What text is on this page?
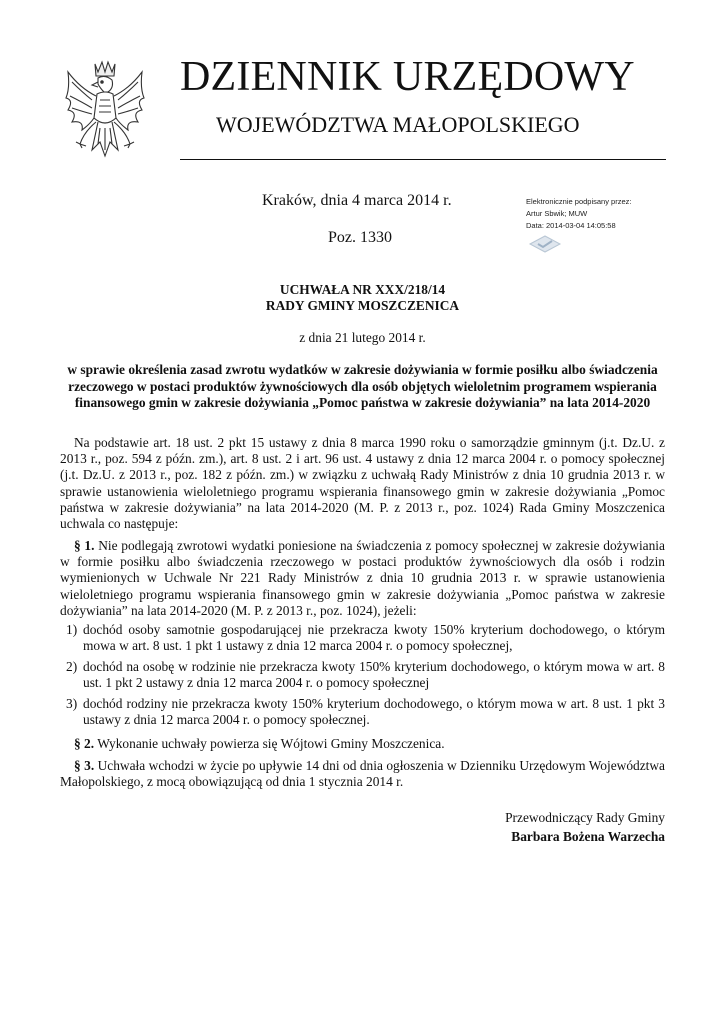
DZIENNIK URZĘDOWY
WOJEWÓDZTWA MAŁOPOLSKIEGO
Kraków, dnia 4 marca 2014 r.
Poz. 1330
Elektronicznie podpisany przez:
Artur Sbwik; MUW
Data: 2014-03-04 14:05:58
UCHWAŁA NR XXX/218/14
RADY GMINY MOSZCZENICA
z dnia 21 lutego 2014 r.
w sprawie określenia zasad zwrotu wydatków w zakresie dożywiania w formie posiłku albo świadczenia rzeczowego w postaci produktów żywnościowych dla osób objętych wieloletnim programem wspierania finansowego gmin w zakresie dożywiania „Pomoc państwa w zakresie dożywiania” na lata 2014-2020

Na podstawie art. 18 ust. 2 pkt 15 ustawy z dnia 8 marca 1990 roku o samorządzie gminnym (j.t. Dz.U. z 2013 r., poz. 594 z późn. zm.), art. 8 ust. 2 i art. 96 ust. 4 ustawy z dnia 12 marca 2004 r. o pomocy społecznej (j.t. Dz.U. z 2013 r., poz. 182 z późn. zm.) w związku z uchwałą Rady Ministrów z dnia 10 grudnia 2013 r. w sprawie ustanowienia wieloletniego programu wspierania finansowego gmin w zakresie dożywiania „Pomoc państwa w zakresie dożywiania” na lata 2014-2020 (M. P. z 2013 r., poz. 1024) Rada Gminy Moszczenica uchwala co następuje:

§ 1. Nie podlegają zwrotowi wydatki poniesione na świadczenia z pomocy społecznej w zakresie dożywiania w formie posiłku albo świadczenia rzeczowego w postaci produktów żywnościowych dla osób i rodzin wymienionych w Uchwale Nr 221 Rady Ministrów z dnia 10 grudnia 2013 r. w sprawie ustanowienia wieloletniego programu wspierania finansowego gmin w zakresie dożywiania „Pomoc państwa w zakresie dożywiania” na lata 2014-2020 (M. P. z 2013 r., poz. 1024), jeżeli:

1) dochód osoby samotnie gospodarującej nie przekracza kwoty 150% kryterium dochodowego, o którym mowa w art. 8 ust. 1 pkt 1 ustawy z dnia 12 marca 2004 r. o pomocy społecznej,
2) dochód na osobę w rodzinie nie przekracza kwoty 150% kryterium dochodowego, o którym mowa w art. 8 ust. 1 pkt 2 ustawy z dnia 12 marca 2004 r. o pomocy społecznej
3) dochód rodziny nie przekracza kwoty 150% kryterium dochodowego, o którym mowa w art. 8 ust. 1 pkt 3 ustawy z dnia 12 marca 2004 r. o pomocy społecznej.

§ 2. Wykonanie uchwały powierza się Wójtowi Gminy Moszczenica.

§ 3. Uchwała wchodzi w życie po upływie 14 dni od dnia ogłoszenia w Dzienniku Urzędowym Województwa Małopolskiego, z mocą obowiązującą od dnia 1 stycznia 2014 r.

Przewodniczący Rady Gminy
Barbara Bożena Warzecha
